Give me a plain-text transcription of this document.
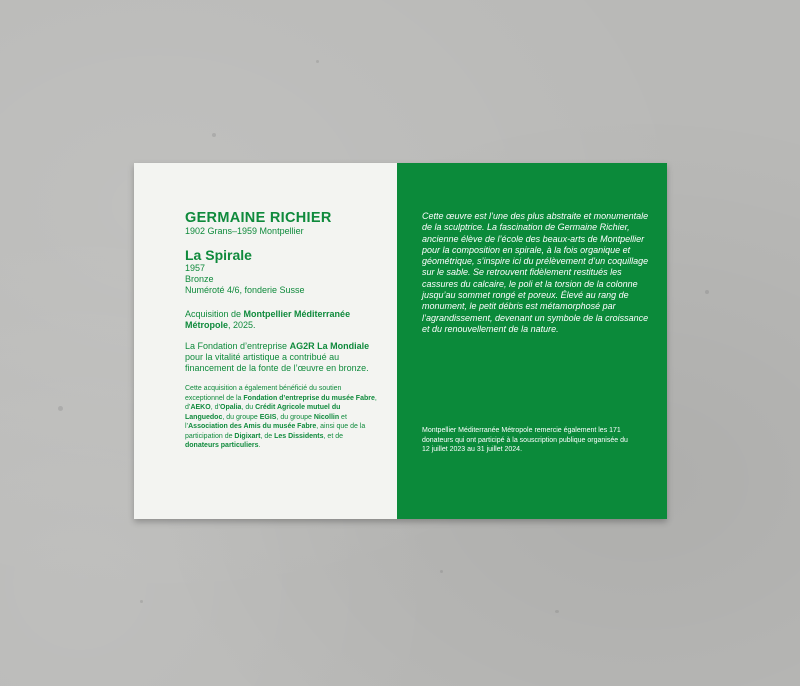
GERMAINE RICHIER
1902 Grans–1959 Montpellier
La Spirale
1957
Bronze
Numéroté 4/6, fonderie Susse
Acquisition de Montpellier Méditerranée Métropole, 2025.
La Fondation d’entreprise AG2R La Mondiale pour la vitalité artistique a contribué au financement de la fonte de l’œuvre en bronze.
Cette acquisition a également bénéficié du soutien exceptionnel de la Fondation d’entreprise du musée Fabre, d’AEKO, d’Opalia, du Crédit Agricole mutuel du Languedoc, du groupe EGIS, du groupe Nicollin et l’Association des Amis du musée Fabre, ainsi que de la participation de Digixart, de Les Dissidents, et de donateurs particuliers.
Cette œuvre est l’une des plus abstraite et monumentale de la sculptrice. La fascination de Germaine Richier, ancienne élève de l’école des beaux-arts de Montpellier pour la composition en spirale, à la fois organique et géométrique, s’inspire ici du prélèvement d’un coquillage sur le sable. Se retrouvent fidèlement restitués les cassures du calcaire, le poli et la torsion de la colonne jusqu’au sommet rongé et poreux. Élevé au rang de monument, le petit débris est métamorphosé par l’agrandissement, devenant un symbole de la croissance et du renouvellement de la nature.
Montpellier Méditerranée Métropole remercie également les 171 donateurs qui ont participé à la souscription publique organisée du 12 juillet 2023 au 31 juillet 2024.
